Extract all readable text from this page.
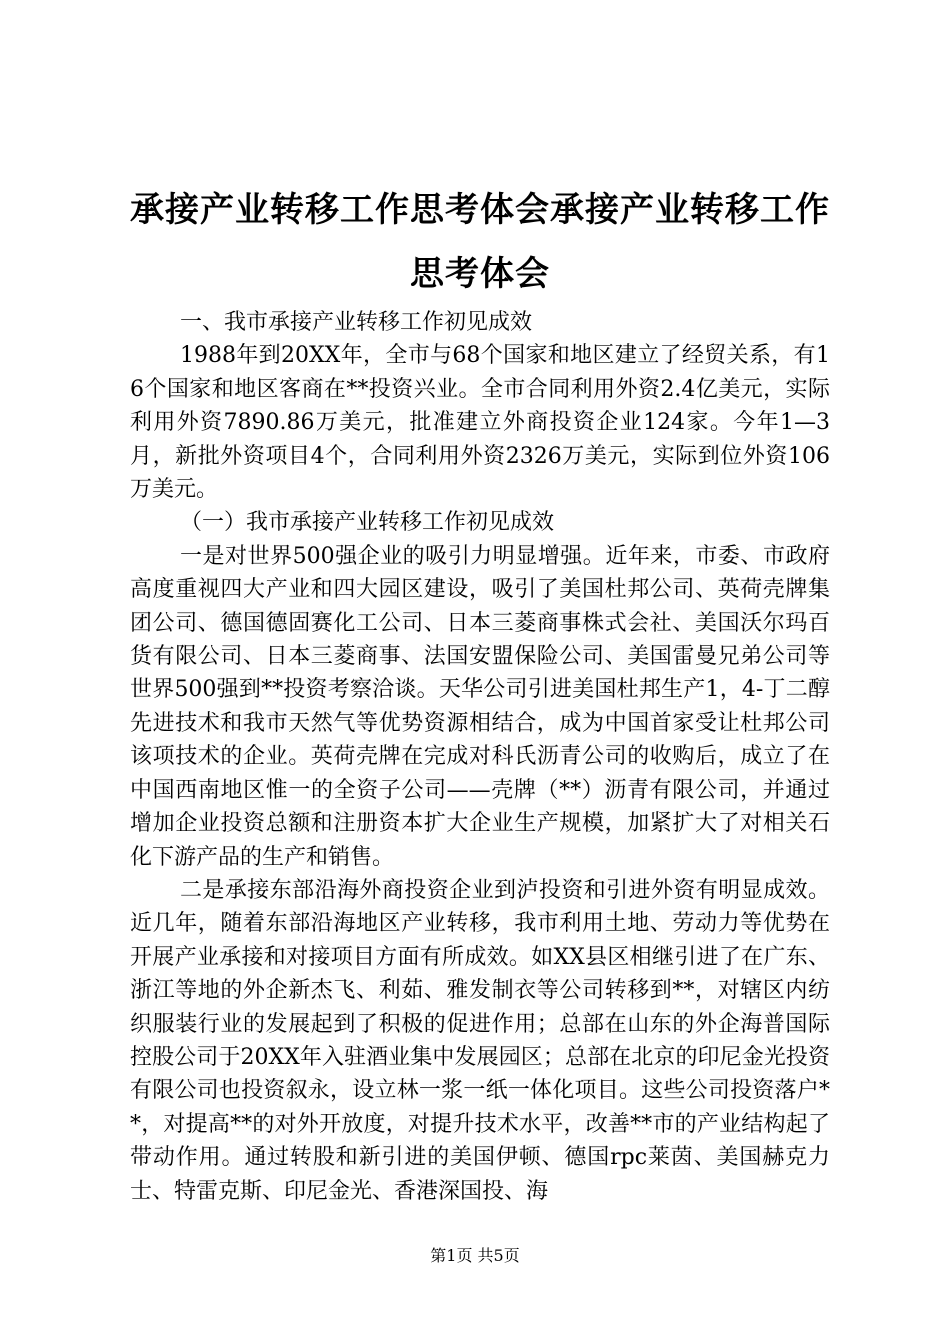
承接产业转移工作思考体会承接产业转移工作思考体会

一、我市承接产业转移工作初见成效

1988年到20XX年，全市与68个国家和地区建立了经贸关系，有16个国家和地区客商在**投资兴业。全市合同利用外资2.4亿美元，实际利用外资7890.86万美元，批准建立外商投资企业124家。今年1—3月，新批外资项目4个，合同利用外资2326万美元，实际到位外资106万美元。

（一）我市承接产业转移工作初见成效

一是对世界500强企业的吸引力明显增强。近年来，市委、市政府高度重视四大产业和四大园区建设，吸引了美国杜邦公司、英荷壳牌集团公司、德国德固赛化工公司、日本三菱商事株式会社、美国沃尔玛百货有限公司、日本三菱商事、法国安盟保险公司、美国雷曼兄弟公司等世界500强到**投资考察洽谈。天华公司引进美国杜邦生产1，4-丁二醇先进技术和我市天然气等优势资源相结合，成为中国首家受让杜邦公司该项技术的企业。英荷壳牌在完成对科氏沥青公司的收购后，成立了在中国西南地区惟一的全资子公司——壳牌（**）沥青有限公司，并通过增加企业投资总额和注册资本扩大企业生产规模，加紧扩大了对相关石化下游产品的生产和销售。

二是承接东部沿海外商投资企业到泸投资和引进外资有明显成效。近几年，随着东部沿海地区产业转移，我市利用土地、劳动力等优势在开展产业承接和对接项目方面有所成效。如XX县区相继引进了在广东、浙江等地的外企新杰飞、利茹、雅发制衣等公司转移到**，对辖区内纺织服装行业的发展起到了积极的促进作用；总部在山东的外企海普国际控股公司于20XX年入驻酒业集中发展园区；总部在北京的印尼金光投资有限公司也投资叙永，设立林一浆一纸一体化项目。这些公司投资落户**，对提高**的对外开放度，对提升技术水平，改善**市的产业结构起了带动作用。通过转股和新引进的美国伊顿、德国rpc莱茵、美国赫克力士、特雷克斯、印尼金光、香港深国投、海

第1页 共5页
